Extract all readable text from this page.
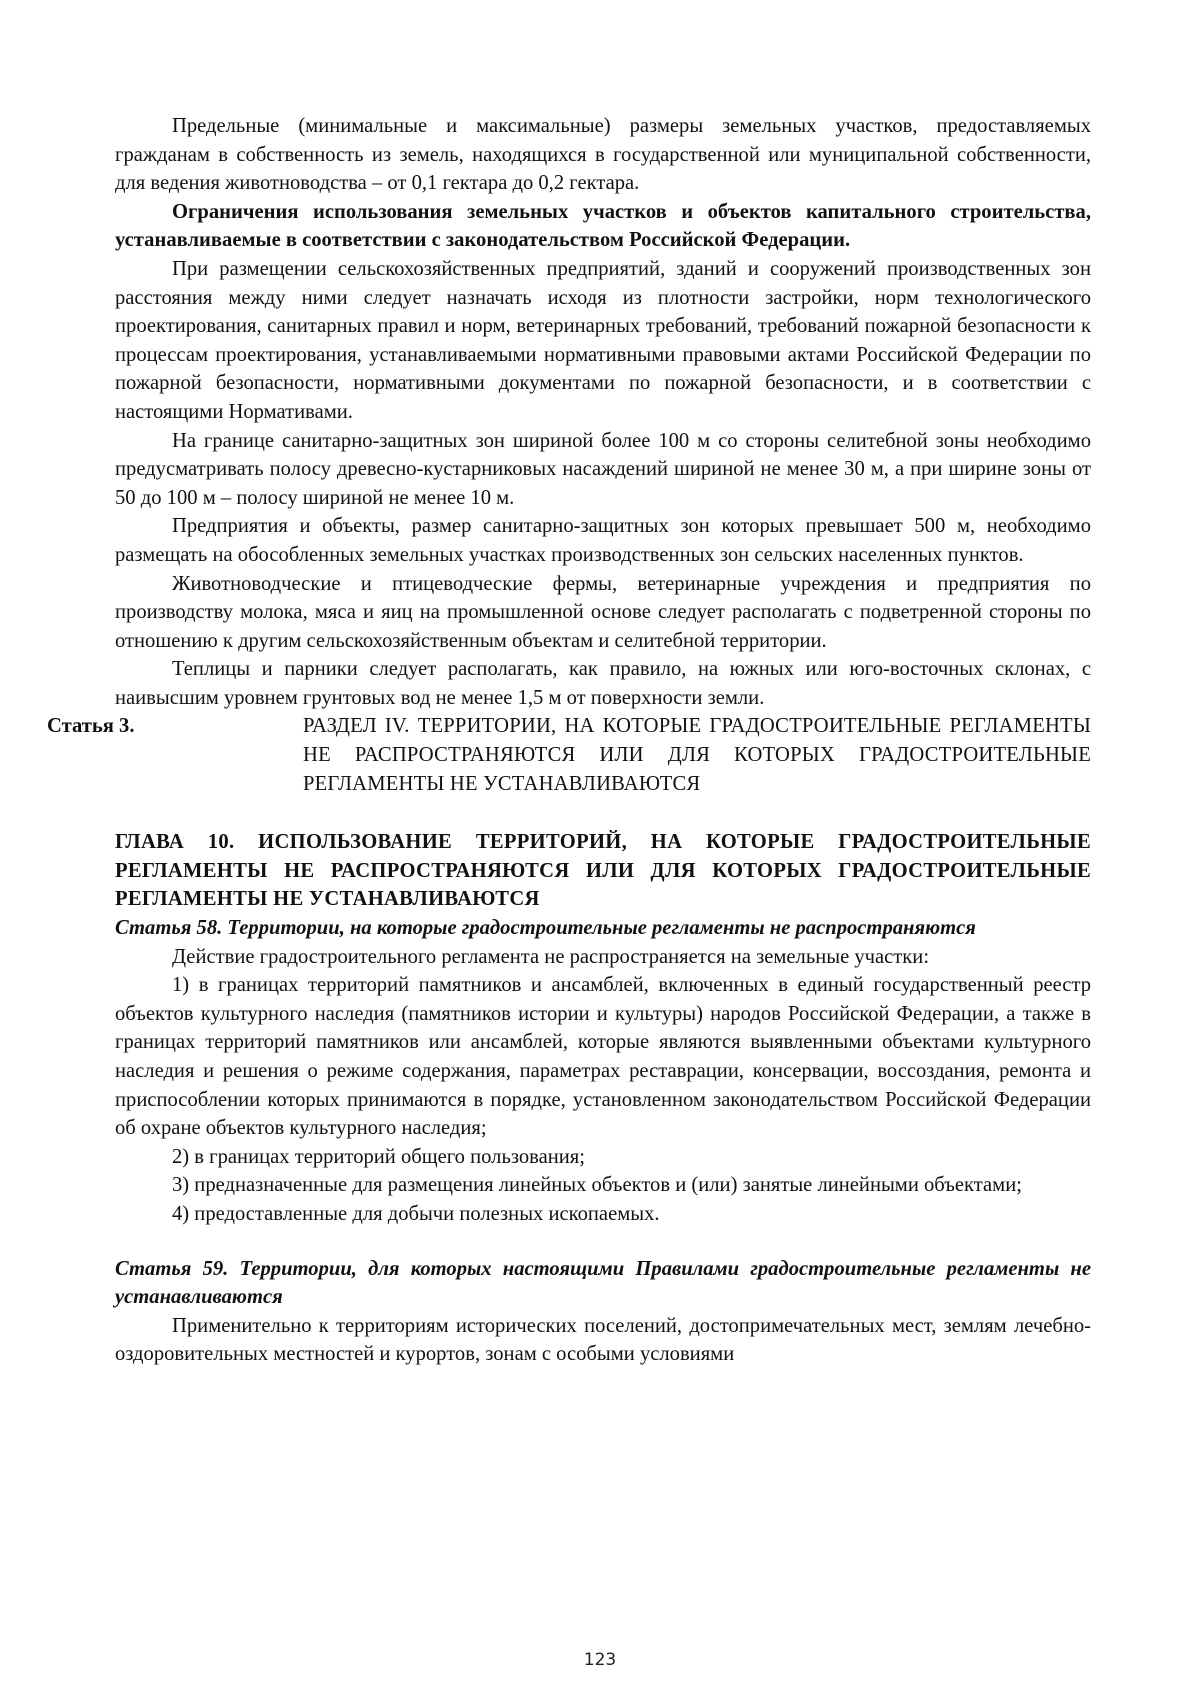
Предельные (минимальные и максимальные) размеры земельных участков, предоставляемых гражданам в собственность из земель, находящихся в государственной или муниципальной собственности, для ведения животноводства – от 0,1 гектара до 0,2 гектара.

Ограничения использования земельных участков и объектов капитального строительства, устанавливаемые в соответствии с законодательством Российской Федерации.

При размещении сельскохозяйственных предприятий, зданий и сооружений производственных зон расстояния между ними следует назначать исходя из плотности застройки, норм технологического проектирования, санитарных правил и норм, ветеринарных требований, требований пожарной безопасности к процессам проектирования, устанавливаемыми нормативными правовыми актами Российской Федерации по пожарной безопасности, нормативными документами по пожарной безопасности, и в соответствии с настоящими Нормативами.

На границе санитарно-защитных зон шириной более 100 м со стороны селитебной зоны необходимо предусматривать полосу древесно-кустарниковых насаждений шириной не менее 30 м, а при ширине зоны от 50 до 100 м – полосу шириной не менее 10 м.

Предприятия и объекты, размер санитарно-защитных зон которых превышает 500 м, необходимо размещать на обособленных земельных участках производственных зон сельских населенных пунктов.

Животноводческие и птицеводческие фермы, ветеринарные учреждения и предприятия по производству молока, мяса и яиц на промышленной основе следует располагать с подветренной стороны по отношению к другим сельскохозяйственным объектам и селитебной территории.

Теплицы и парники следует располагать, как правило, на южных или юго-восточных склонах, с наивысшим уровнем грунтовых вод не менее 1,5 м от поверхности земли.

Статья 3.	РАЗДЕЛ IV. ТЕРРИТОРИИ, НА КОТОРЫЕ ГРАДОСТРОИТЕЛЬНЫЕ РЕГЛАМЕНТЫ НЕ РАСПРОСТРАНЯЮТСЯ ИЛИ ДЛЯ КОТОРЫХ ГРАДОСТРОИТЕЛЬНЫЕ РЕГЛАМЕНТЫ НЕ УСТАНАВЛИВАЮТСЯ

ГЛАВА 10. ИСПОЛЬЗОВАНИЕ ТЕРРИТОРИЙ, НА КОТОРЫЕ ГРАДОСТРОИТЕЛЬНЫЕ РЕГЛАМЕНТЫ НЕ РАСПРОСТРАНЯЮТСЯ ИЛИ ДЛЯ КОТОРЫХ ГРАДОСТРОИТЕЛЬНЫЕ РЕГЛАМЕНТЫ НЕ УСТАНАВЛИВАЮТСЯ

Статья 58. Территории, на которые градостроительные регламенты не распространяются

Действие градостроительного регламента не распространяется на земельные участки:

1) в границах территорий памятников и ансамблей, включенных в единый государственный реестр объектов культурного наследия (памятников истории и культуры) народов Российской Федерации, а также в границах территорий памятников или ансамблей, которые являются выявленными объектами культурного наследия и решения о режиме содержания, параметрах реставрации, консервации, воссоздания, ремонта и приспособлении которых принимаются в порядке, установленном законодательством Российской Федерации об охране объектов культурного наследия;

2) в границах территорий общего пользования;

3) предназначенные для размещения линейных объектов и (или) занятые линейными объектами;

4) предоставленные для добычи полезных ископаемых.

Статья 59. Территории, для которых настоящими Правилами градостроительные регламенты не устанавливаются

Применительно к территориям исторических поселений, достопримечательных мест, землям лечебно-оздоровительных местностей и курортов, зонам с особыми условиями

123
